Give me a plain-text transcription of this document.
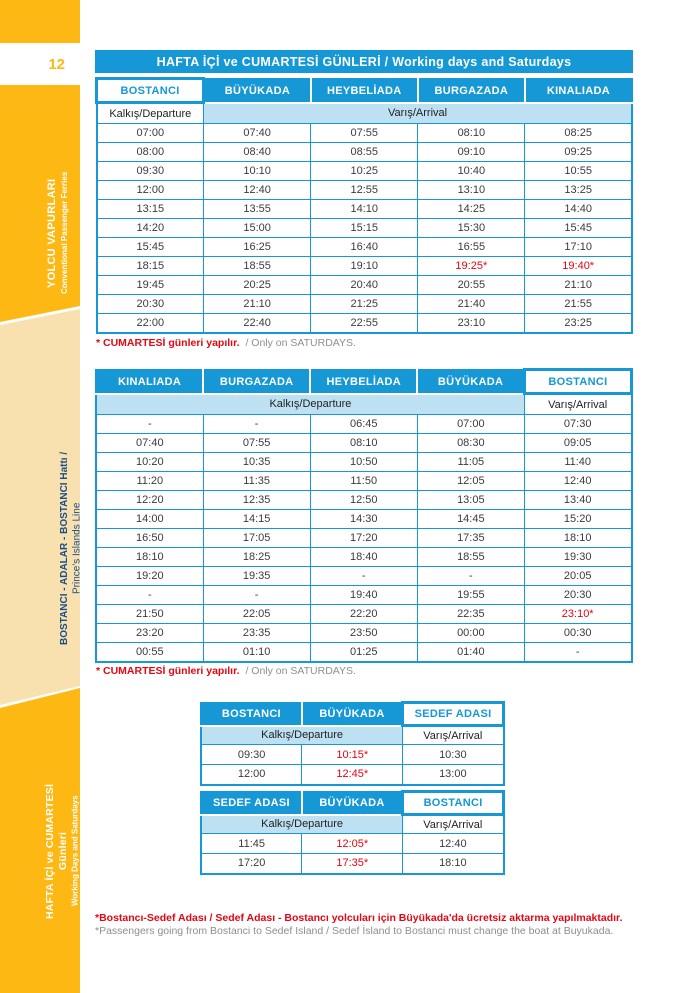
12
YOLCU VAPURLARI Conventional Passenger Ferries
BOSTANCI - ADALAR - BOSTANCI Hattı / Prince's Islands Line
HAFTA İÇİ ve CUMARTESİ Günleri Working Days and Saturdays
HAFTA İÇİ ve CUMARTESİ GÜNLERİ / Working days and Saturdays
BOSTANCI	BÜYÜKADA	HEYBELİADA	BURGAZADA	KINALIADA
Kalkış/Departure	Varış/Arrival			
07:00	07:40	07:55	08:10	08:25
08:00	08:40	08:55	09:10	09:25
09:30	10:10	10:25	10:40	10:55
12:00	12:40	12:55	13:10	13:25
13:15	13:55	14:10	14:25	14:40
14:20	15:00	15:15	15:30	15:45
15:45	16:25	16:40	16:55	17:10
18:15	18:55	19:10	19:25*	19:40*
19:45	20:25	20:40	20:55	21:10
20:30	21:10	21:25	21:40	21:55
22:00	22:40	22:55	23:10	23:25
* CUMARTESİ günleri yapılır. / Only on SATURDAYS.
KINALIADA	BURGAZADA	HEYBELİADA	BÜYÜKADA	BOSTANCI
Kalkış/Departure				Varış/Arrival
-	-	06:45	07:00	07:30
07:40	07:55	08:10	08:30	09:05
10:20	10:35	10:50	11:05	11:40
11:20	11:35	11:50	12:05	12:40
12:20	12:35	12:50	13:05	13:40
14:00	14:15	14:30	14:45	15:20
16:50	17:05	17:20	17:35	18:10
18:10	18:25	18:40	18:55	19:30
19:20	19:35	-	-	20:05
-	-	19:40	19:55	20:30
21:50	22:05	22:20	22:35	23:10*
23:20	23:35	23:50	00:00	00:30
00:55	01:10	01:25	01:40	-
* CUMARTESİ günleri yapılır. / Only on SATURDAYS.
BOSTANCI	BÜYÜKADA	SEDEF ADASI
Kalkış/Departure		Varış/Arrival
09:30	10:15*	10:30
12:00	12:45*	13:00
SEDEF ADASI	BÜYÜKADA	BOSTANCI
Kalkış/Departure		Varış/Arrival
11:45	12:05*	12:40
17:20	17:35*	18:10
*Bostancı-Sedef Adası / Sedef Adası - Bostancı yolcuları için Büyükada'da ücretsiz aktarma yapılmaktadır.
*Passengers going from Bostanci to Sedef Island / Sedef İsland to Bostanci must change the boat at Buyukada.
